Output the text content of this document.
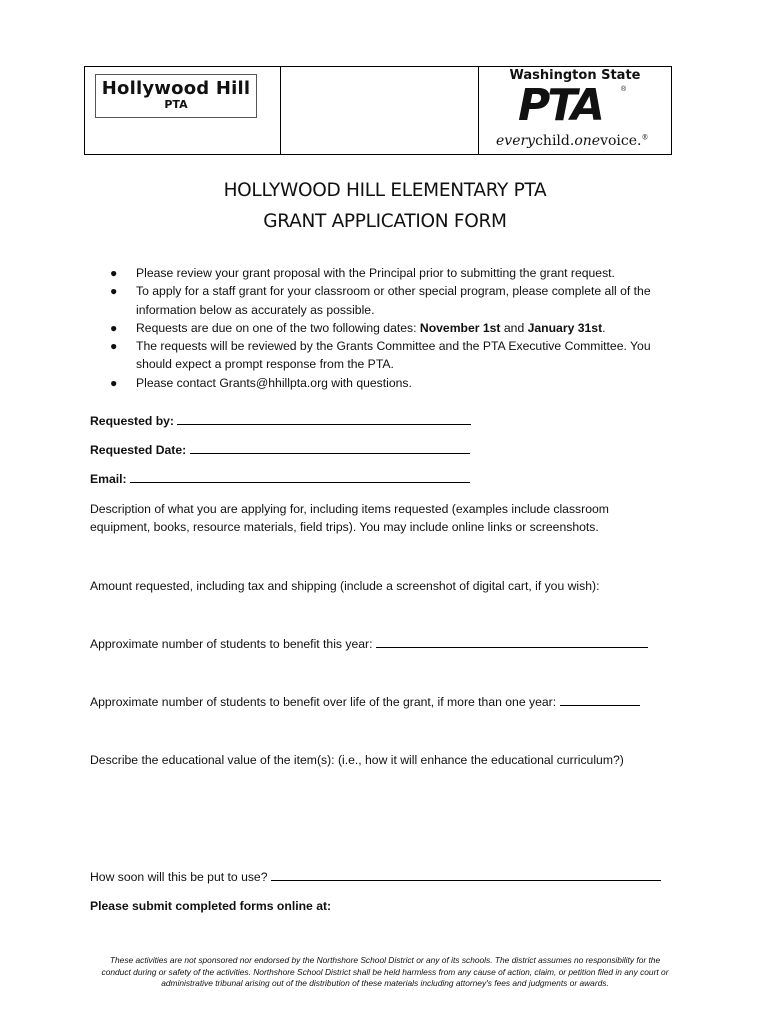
Hollywood Hill
PTA
Washington State
PTA	®
everychild.onevoice.®
HOLLYWOOD HILL ELEMENTARY PTA
GRANT APPLICATION FORM
● Please review your grant proposal with the Principal prior to submitting the grant request.
● To apply for a staff grant for your classroom or other special program, please complete all of the
information below as accurately as possible.
● Requests are due on one of the two following dates: November 1st and January 31st.
● The requests will be reviewed by the Grants Committee and the PTA Executive Committee. You
should expect a prompt response from the PTA.
● Please contact Grants@hhillpta.org with questions.
Requested by:
Requested Date:
Email:
Description of what you are applying for, including items requested (examples include classroom
equipment, books, resource materials, field trips). You may include online links or screenshots.
Amount requested, including tax and shipping (include a screenshot of digital cart, if you wish):
Approximate number of students to benefit this year:
Approximate number of students to benefit over life of the grant, if more than one year:
Describe the educational value of the item(s): (i.e., how it will enhance the educational curriculum?)
How soon will this be put to use?
Please submit completed forms online at:
These activities are not sponsored nor endorsed by the Northshore School District or any of its schools. The district assumes no responsibility for the
conduct during or safety of the activities. Northshore School District shall be held harmless from any cause of action, claim, or petition filed in any court or
administrative tribunal arising out of the distribution of these materials including attorney's fees and judgments or awards.
